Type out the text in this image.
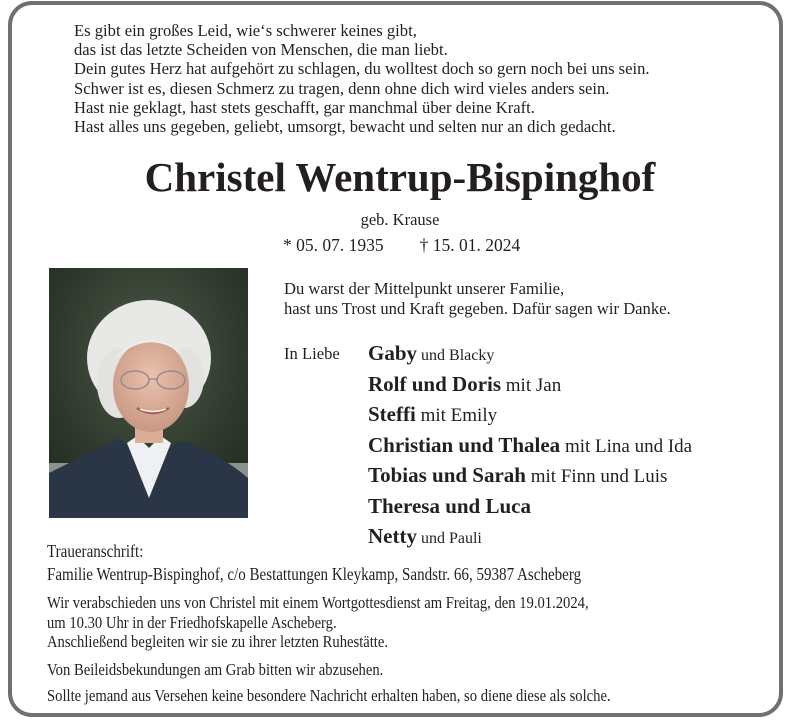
Es gibt ein großes Leid, wie‘s schwerer keines gibt,
das ist das letzte Scheiden von Menschen, die man liebt.
Dein gutes Herz hat aufgehört zu schlagen, du wolltest doch so gern noch bei uns sein.
Schwer ist es, diesen Schmerz zu tragen, denn ohne dich wird vieles anders sein.
Hast nie geklagt, hast stets geschafft, gar manchmal über deine Kraft.
Hast alles uns gegeben, geliebt, umsorgt, bewacht und selten nur an dich gedacht.
Christel Wentrup-Bispinghof
geb. Krause
* 05. 07. 1935 † 15. 01. 2024
Du warst der Mittelpunkt unserer Familie,
hast uns Trost und Kraft gegeben. Dafür sagen wir Danke.
In Liebe Gaby und Blacky
Rolf und Doris mit Jan
Steffi mit Emily
Christian und Thalea mit Lina und Ida
Tobias und Sarah mit Finn und Luis
Theresa und Luca
Netty und Pauli
Traueranschrift:
Familie Wentrup-Bispinghof, c/o Bestattungen Kleykamp, Sandstr. 66, 59387 Ascheberg
Wir verabschieden uns von Christel mit einem Wortgottesdienst am Freitag, den 19.01.2024,
um 10.30 Uhr in der Friedhofskapelle Ascheberg.
Anschließend begleiten wir sie zu ihrer letzten Ruhestätte.
Von Beileidsbekundungen am Grab bitten wir abzusehen.
Sollte jemand aus Versehen keine besondere Nachricht erhalten haben, so diene diese als solche.
